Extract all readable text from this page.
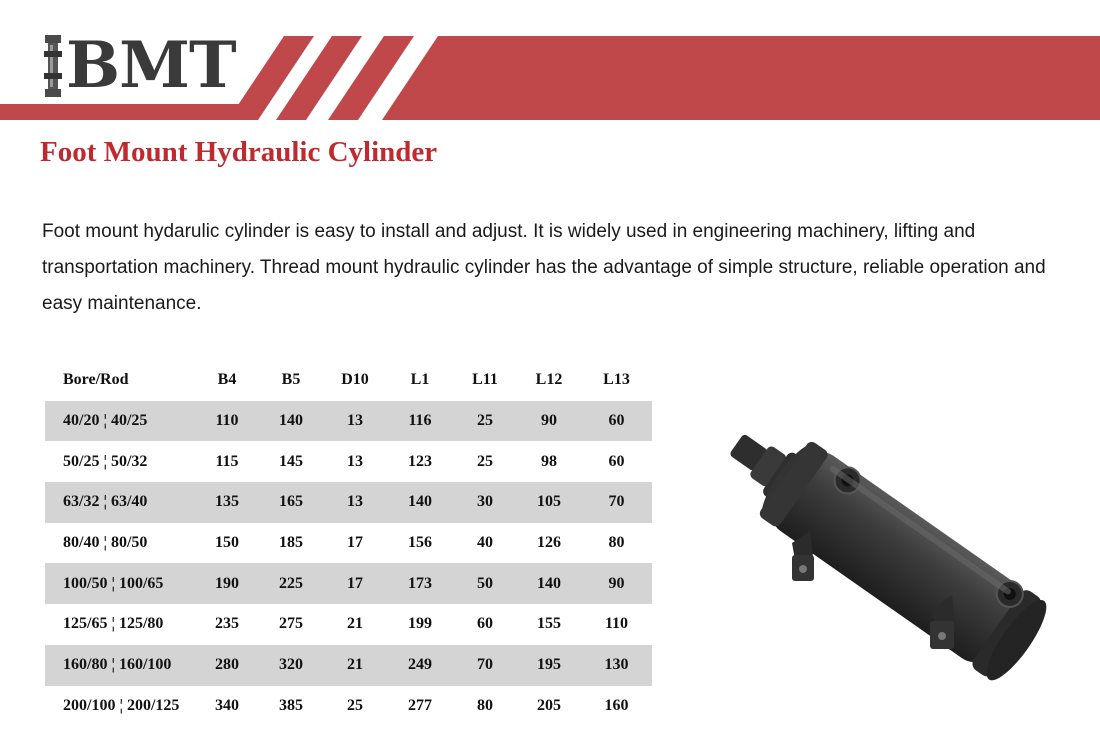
BMT
Foot Mount Hydraulic Cylinder

Foot mount hydarulic cylinder is easy to install and adjust. It is widely used in engineering machinery, lifting and transportation machinery. Thread mount hydraulic cylinder has the advantage of simple structure, reliable operation and easy maintenance.

Bore/Rod	B4	B5	D10	L1	L11	L12	L13
40/20 ¦ 40/25	110	140	13	116	25	90	60
50/25 ¦ 50/32	115	145	13	123	25	98	60
63/32 ¦ 63/40	135	165	13	140	30	105	70
80/40 ¦ 80/50	150	185	17	156	40	126	80
100/50 ¦ 100/65	190	225	17	173	50	140	90
125/65 ¦ 125/80	235	275	21	199	60	155	110
160/80 ¦ 160/100	280	320	21	249	70	195	130
200/100 ¦ 200/125	340	385	25	277	80	205	160
